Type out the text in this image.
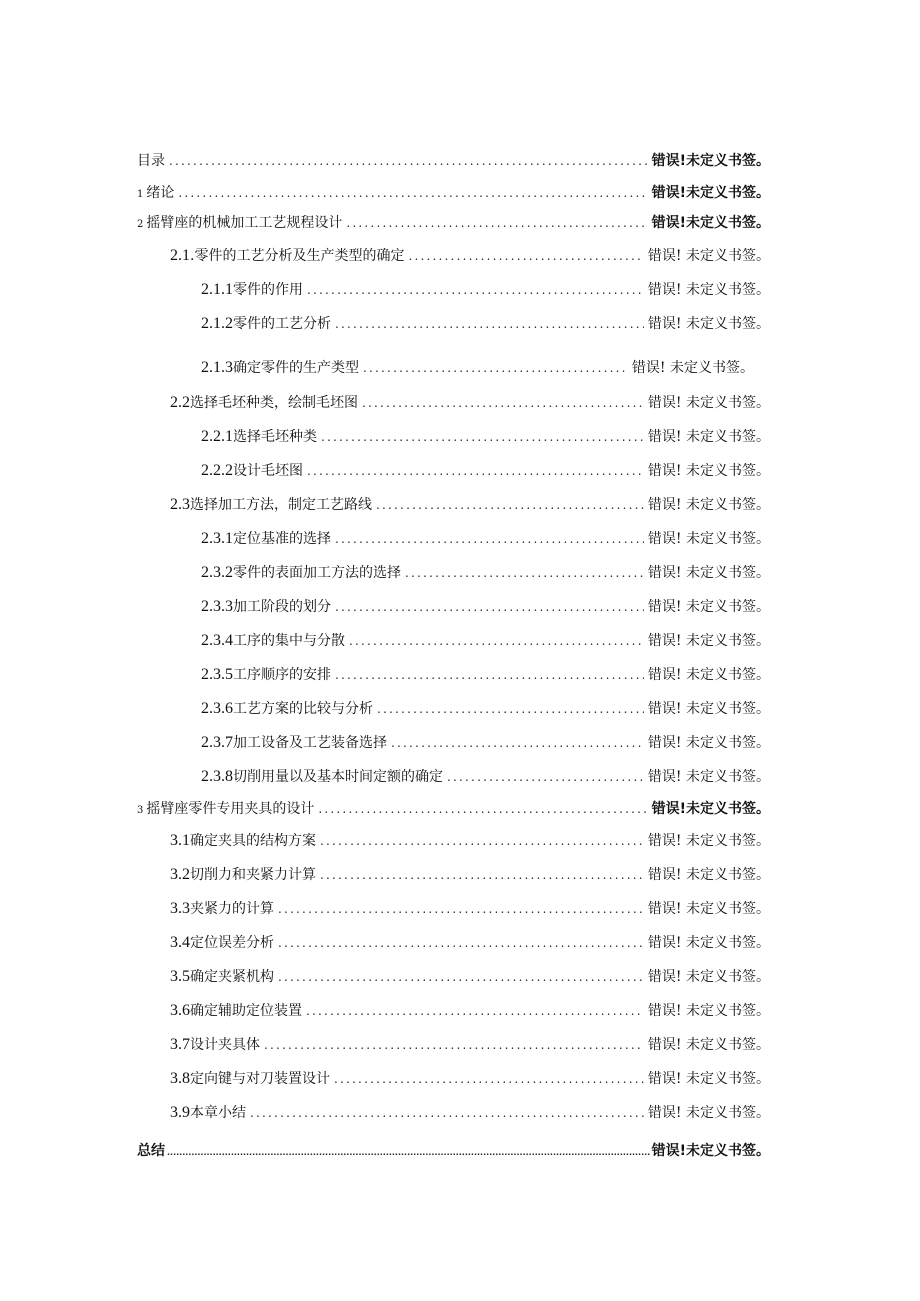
目录 .....	错误!未定义书签。
1 绪论 .....	错误!未定义书签。
2 摇臂座的机械加工工艺规程设计 .....	错误!未定义书签。
2.1 .零件的工艺分析及生产类型的确定 .....	错误! 未定义书签。
2.1.1 零件的作用 .....	错误! 未定义书签。
2.1.2 零件的工艺分析 .....	错误! 未定义书签。
2.1.3 确定零件的生产类型 .....	错误! 未定义书签。
2.2 选择毛坯种类，绘制毛坯图 .....	错误! 未定义书签。
2.2.1 选择毛坯种类 .....	错误! 未定义书签。
2.2.2 设计毛坯图 .....	错误! 未定义书签。
2.3 选择加工方法，制定工艺路线 .....	错误! 未定义书签。
2.3.1 定位基准的选择 .....	错误! 未定义书签。
2.3.2 零件的表面加工方法的选择 .....	错误! 未定义书签。
2.3.3 加工阶段的划分 .....	错误! 未定义书签。
2.3.4 工序的集中与分散 .....	错误! 未定义书签。
2.3.5 工序顺序的安排 .....	错误! 未定义书签。
2.3.6 工艺方案的比较与分析 .....	错误! 未定义书签。
2.3.7 加工设备及工艺装备选择 .....	错误! 未定义书签。
2.3.8 切削用量以及基本时间定额的确定 .....	错误! 未定义书签。
3 摇臂座零件专用夹具的设计 .....	错误!未定义书签。
3.1 确定夹具的结构方案 .....	错误! 未定义书签。
3.2 切削力和夹紧力计算 .....	错误! 未定义书签。
3.3 夹紧力的计算 .....	错误! 未定义书签。
3.4 定位误差分析 .....	错误! 未定义书签。
3.5 确定夹紧机构 .....	错误! 未定义书签。
3.6 确定辅助定位装置 .....	错误! 未定义书签。
3.7 设计夹具体 .....	错误! 未定义书签。
3.8 定向键与对刀装置设计 .....	错误! 未定义书签。
3.9 本章小结 .....	错误! 未定义书签。
总结 .....	错误!未定义书签。
